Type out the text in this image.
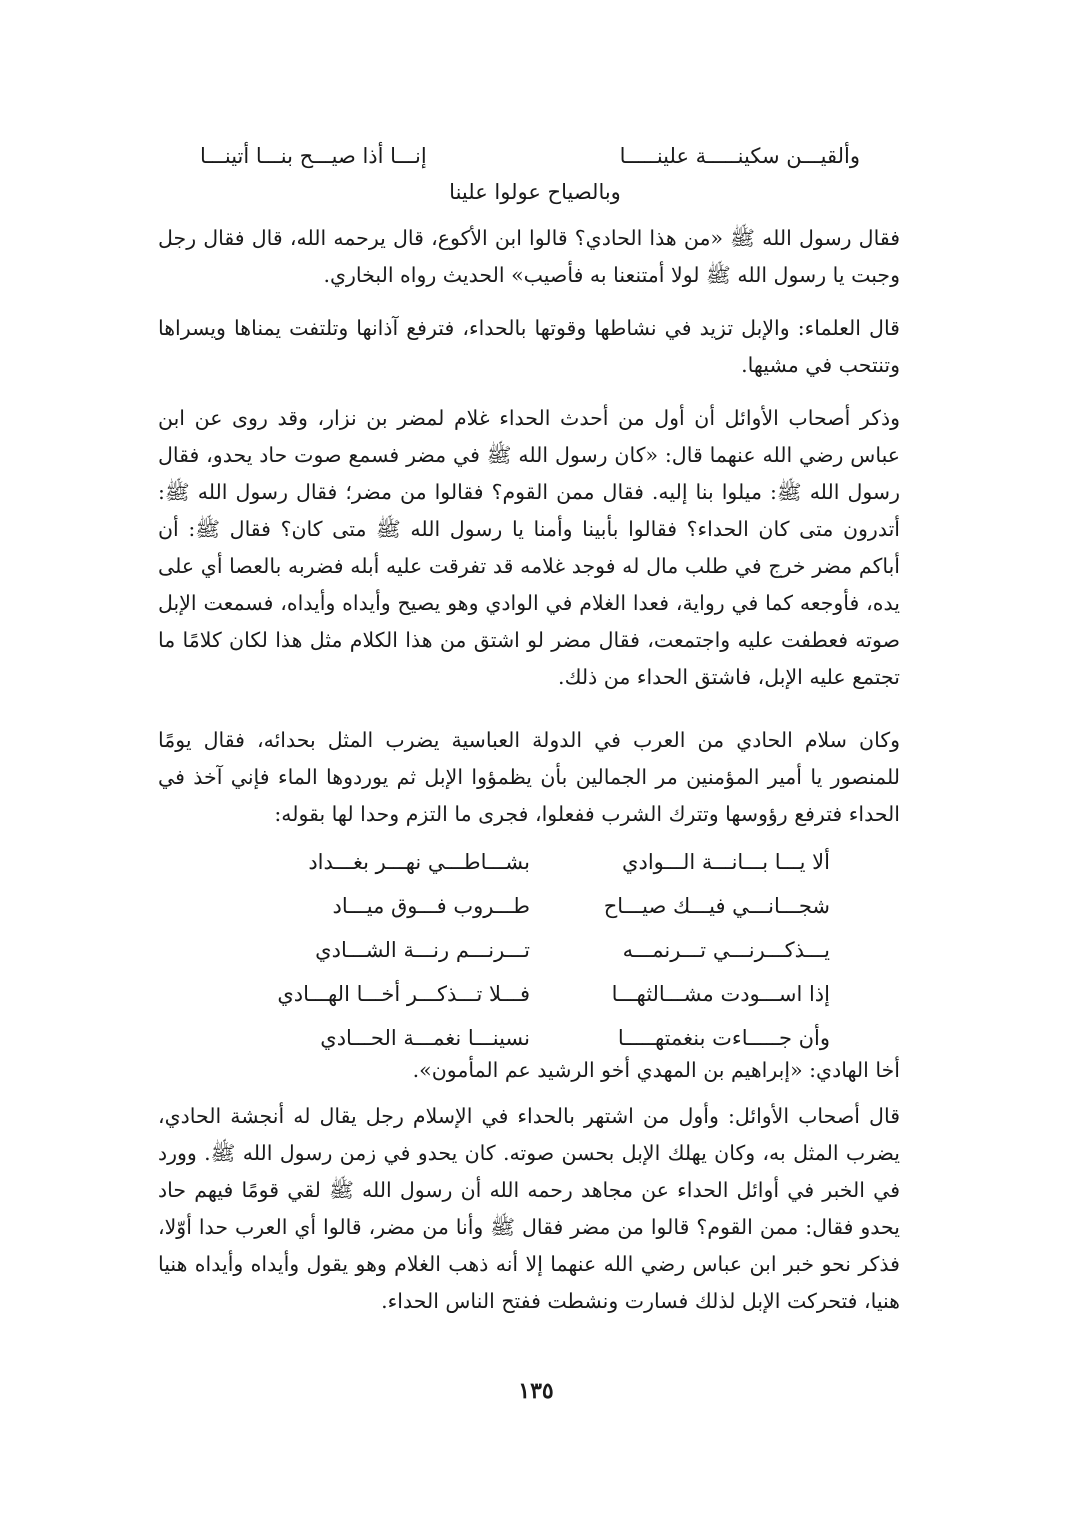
وألقيـــن سكينـــــة علينـــــا
إنـــا أذا صيـــح بنـــا أتينـــا
وبالصياح عولوا علينا

فقال رسول الله ﷺ «من هذا الحادي؟ قالوا ابن الأكوع، قال يرحمه الله، قال فقال رجل وجبت يا رسول الله ﷺ لولا أمتنعنا به فأصيب» الحديث رواه البخاري.

قال العلماء: والإبل تزيد في نشاطها وقوتها بالحداء، فترفع آذانها وتلتفت يمناها ويسراها وتنتحب في مشيها.

وذكر أصحاب الأوائل أن أول من أحدث الحداء غلام لمضر بن نزار، وقد روى عن ابن عباس رضي الله عنهما قال: «كان رسول الله ﷺ في مضر فسمع صوت حاد يحدو، فقال رسول الله ﷺ: ميلوا بنا إليه. فقال ممن القوم؟ فقالوا من مضر؛ فقال رسول الله ﷺ: أتدرون متى كان الحداء؟ فقالوا بأبينا وأمنا يا رسول الله ﷺ متى كان؟ فقال ﷺ: أن أباكم مضر خرج في طلب مال له فوجد غلامه قد تفرقت عليه أبله فضربه بالعصا أي على يده، فأوجعه كما في رواية، فعدا الغلام في الوادي وهو يصيح وأيداه وأيداه، فسمعت الإبل صوته فعطفت عليه واجتمعت، فقال مضر لو اشتق من هذا الكلام مثل هذا لكان كلامًا ما تجتمع عليه الإبل، فاشتق الحداء من ذلك.

وكان سلام الحادي من العرب في الدولة العباسية يضرب المثل بحدائه، فقال يومًا للمنصور يا أمير المؤمنين مر الجمالين بأن يظمؤوا الإبل ثم يوردوها الماء فإني آخذ في الحداء فترفع رؤوسها وتترك الشرب ففعلوا، فجرى ما التزم وحدا لها بقوله:

ألا يـــا بـــانـــة الـــوادي
بشـــاطـــي نهـــر بغـــداد
شجـــانـــي فيـــك صيـــاح
طـــروب فـــوق ميـــاد
يـــذكـــرنـــي تـــرنمـــه
تـــرنـــم رنـــة الشـــادي
إذا اســـودت مشـــالثهـــا
فـــلا تـــذكـــر أخـــا الهـــادي
وأن جـــــاءت بنغمتهـــــا
نسينـــا نغمـــة الحـــادي

أخا الهادي: «إبراهيم بن المهدي أخو الرشيد عم المأمون».

قال أصحاب الأوائل: وأول من اشتهر بالحداء في الإسلام رجل يقال له أنجشة الحادي، يضرب المثل به، وكان يهلك الإبل بحسن صوته. كان يحدو في زمن رسول الله ﷺ. وورد في الخبر في أوائل الحداء عن مجاهد رحمه الله أن رسول الله ﷺ لقي قومًا فيهم حاد يحدو فقال: ممن القوم؟ قالوا من مضر فقال ﷺ وأنا من مضر، قالوا أي العرب حدا أوّلا، فذكر نحو خبر ابن عباس رضي الله عنهما إلا أنه ذهب الغلام وهو يقول وأيداه وأيداه هنيا هنيا، فتحركت الإبل لذلك فسارت ونشطت ففتح الناس الحداء.

١٣٥
